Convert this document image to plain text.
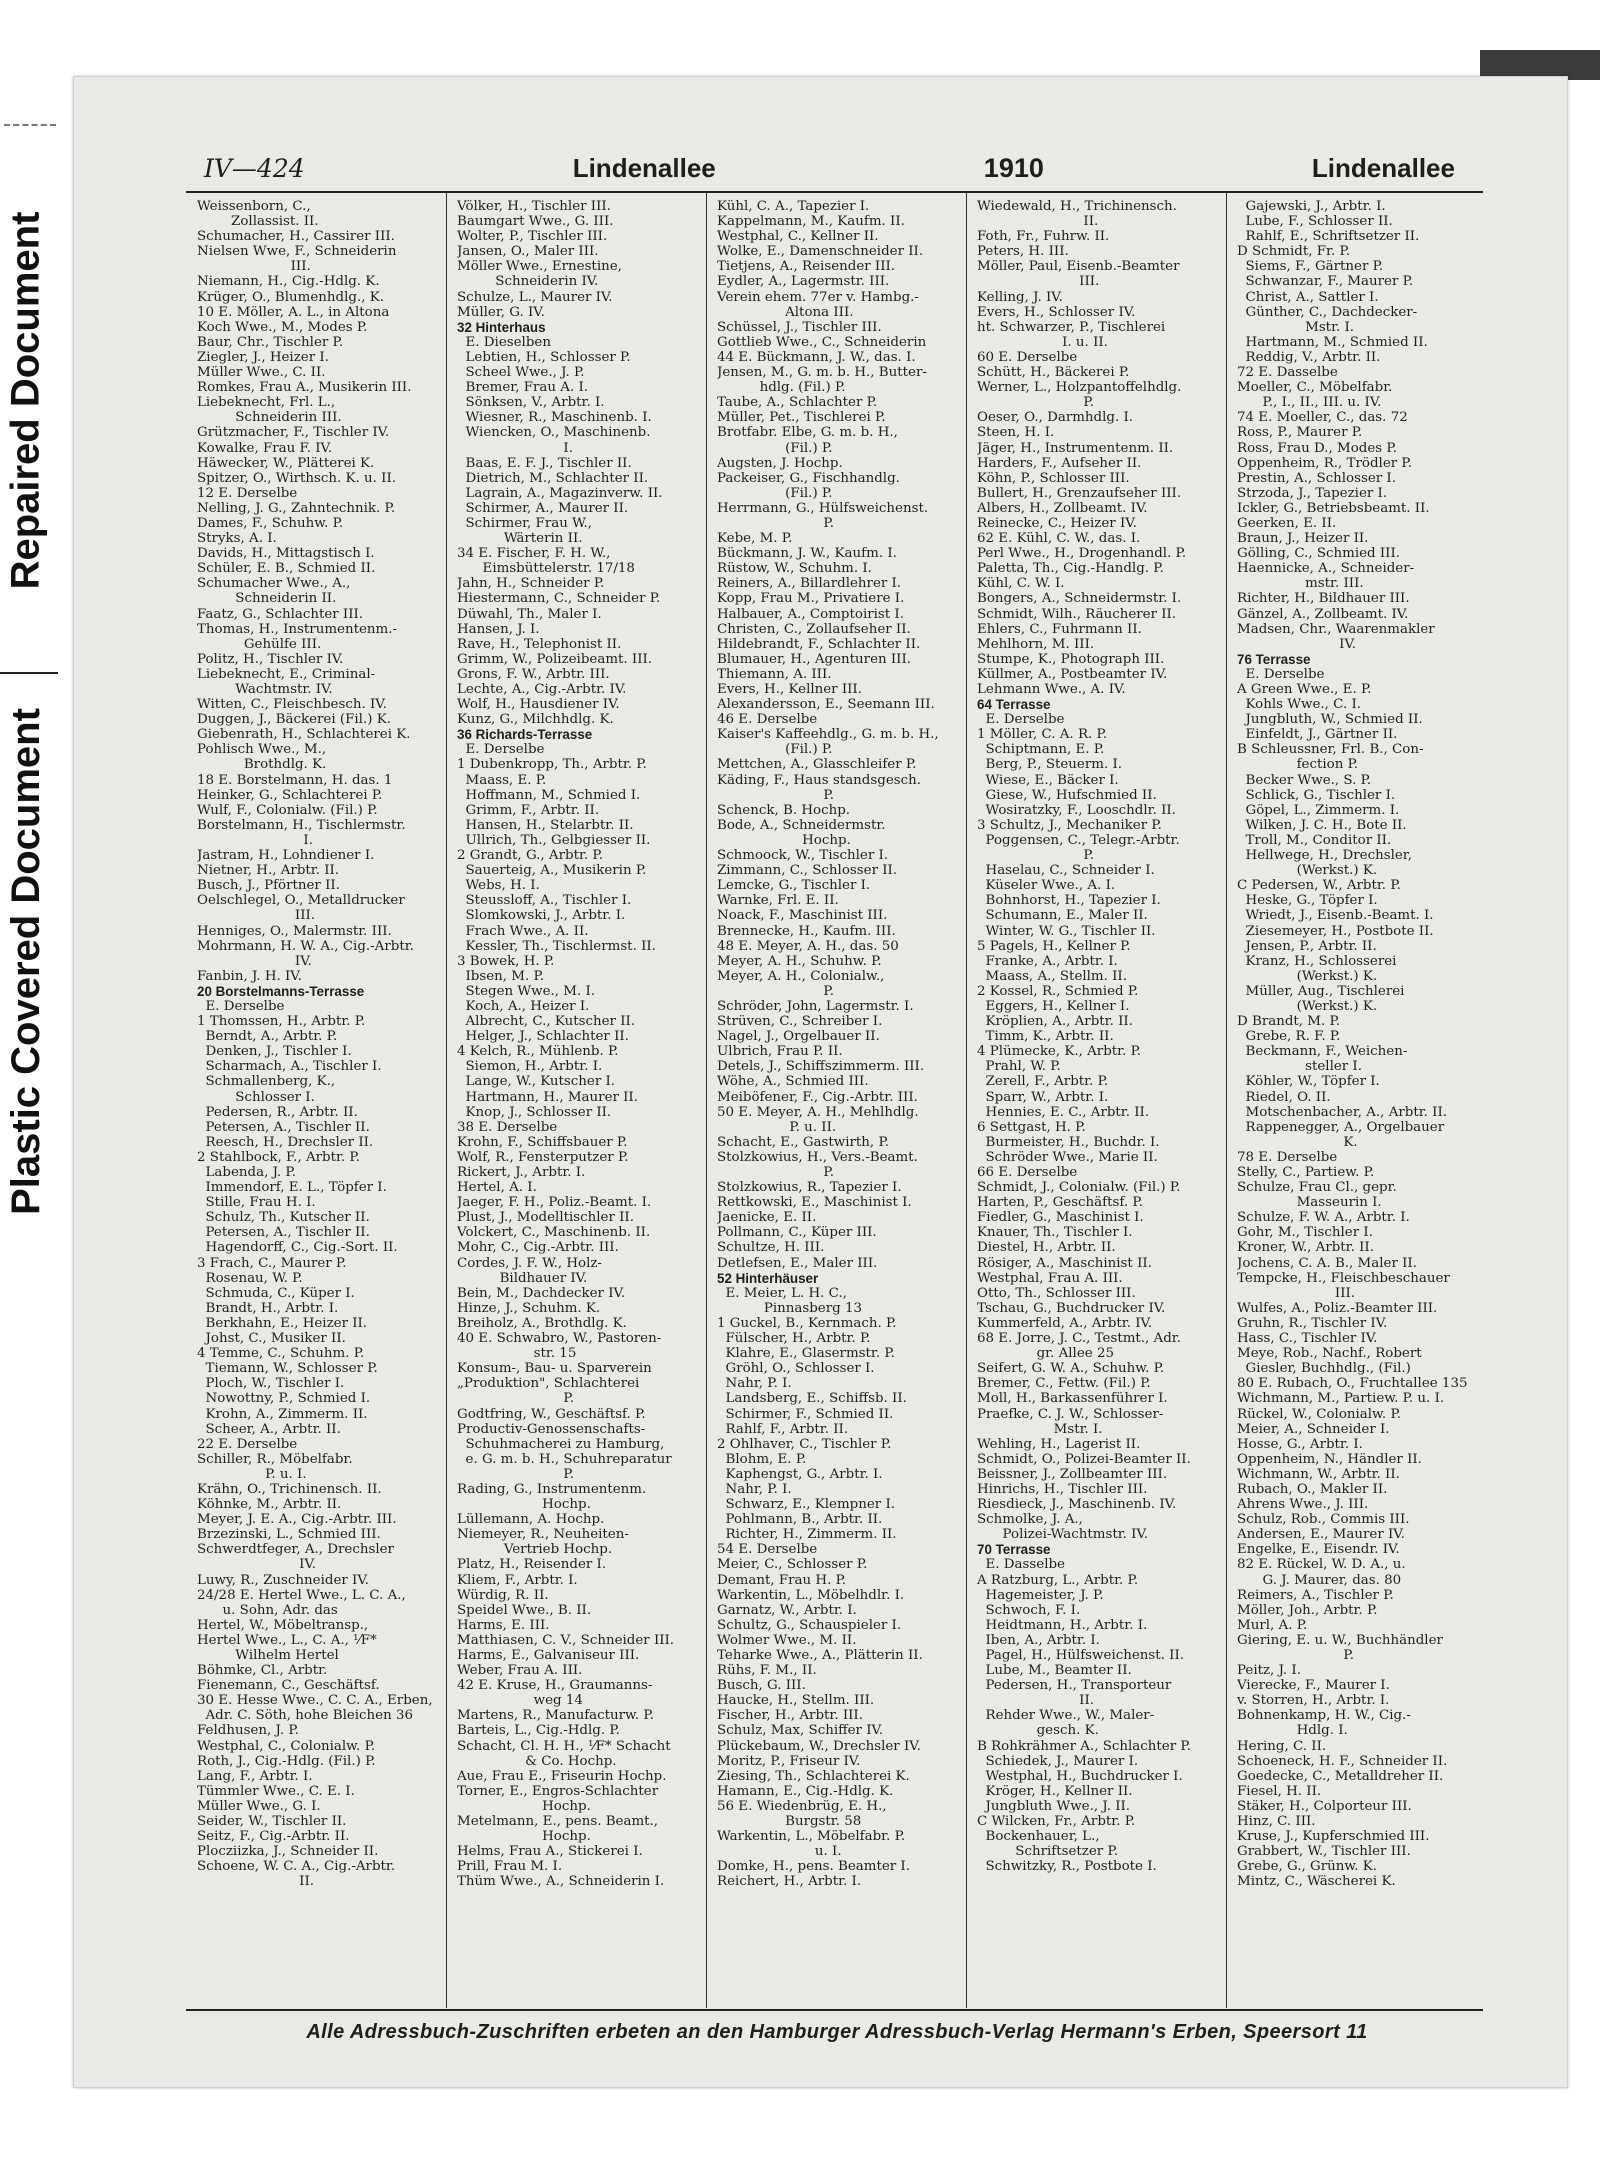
Repaired Document
Plastic Covered Document
IV—424	Lindenallee	1910	Lindenallee
Weissenborn, C.,
Zollassist. II.
Schumacher, H., Cassirer III.
Nielsen Wwe, F., Schneiderin
III.
Niemann, H., Cig.-Hdlg. K.
Krüger, O., Blumenhdlg., K.
10 E. Möller, A. L., in Altona
Koch Wwe., M., Modes P.
Baur, Chr., Tischler P.
Ziegler, J., Heizer I.
Müller Wwe., C. II.
Romkes, Frau A., Musikerin III.
Liebeknecht, Frl. L.,
Schneiderin III.
Grützmacher, F., Tischler IV.
Kowalke, Frau F. IV.
Häwecker, W., Plätterei K.
Spitzer, O., Wirthsch. K. u. II.
12 E. Derselbe
Nelling, J. G., Zahntechnik. P.
Dames, F., Schuhw. P.
Stryks, A. I.
Davids, H., Mittagstisch I.
Schüler, E. B., Schmied II.
Schumacher Wwe., A.,
Schneiderin II.
Faatz, G., Schlachter III.
Thomas, H., Instrumentenm.-
Gehülfe III.
Politz, H., Tischler IV.
Liebeknecht, E., Criminal-
Wachtmstr. IV.
Witten, C., Fleischbesch. IV.
Duggen, J., Bäckerei (Fil.) K.
Giebenrath, H., Schlachterei K.
Pohlisch Wwe., M.,
Brothdlg. K.
18 E. Borstelmann, H. das. 1
Heinker, G., Schlachterei P.
Wulf, F., Colonialw. (Fil.) P.
Borstelmann, H., Tischlermstr.
I.
Jastram, H., Lohndiener I.
Nietner, H., Arbtr. II.
Busch, J., Pförtner II.
Oelschlegel, O., Metalldrucker
III.
Henniges, O., Malermstr. III.
Mohrmann, H. W. A., Cig.-Arbtr.
IV.
Fanbin, J. H. IV.
20 Borstelmanns-Terrasse
E. Derselbe
1 Thomssen, H., Arbtr. P.
Berndt, A., Arbtr. P.
Denken, J., Tischler I.
Scharmach, A., Tischler I.
Schmallenberg, K.,
Schlosser I.
Pedersen, R., Arbtr. II.
Petersen, A., Tischler II.
Reesch, H., Drechsler II.
2 Stahlbock, F., Arbtr. P.
Labenda, J. P.
Immendorf, E. L., Töpfer I.
Stille, Frau H. I.
Schulz, Th., Kutscher II.
Petersen, A., Tischler II.
Hagendorff, C., Cig.-Sort. II.
3 Frach, C., Maurer P.
Rosenau, W. P.
Schmuda, C., Küper I.
Brandt, H., Arbtr. I.
Berkhahn, E., Heizer II.
Johst, C., Musiker II.
4 Temme, C., Schuhm. P.
Tiemann, W., Schlosser P.
Ploch, W., Tischler I.
Nowottny, P., Schmied I.
Krohn, A., Zimmerm. II.
Scheer, A., Arbtr. II.
22 E. Derselbe
Schiller, R., Möbelfabr.
P. u. I.
Krähn, O., Trichinensch. II.
Köhnke, M., Arbtr. II.
Meyer, J. E. A., Cig.-Arbtr. III.
Brzezinski, L., Schmied III.
Schwerdtfeger, A., Drechsler
IV.
Luwy, R., Zuschneider IV.
24/28 E. Hertel Wwe., L. C. A.,
u. Sohn, Adr. das
Hertel, W., Möbeltransp.,
Hertel Wwe., L., C. A., ⅟F*
Wilhelm Hertel
Böhmke, Cl., Arbtr.
Fienemann, C., Geschäftsf.
30 E. Hesse Wwe., C. C. A., Erben,
Adr. C. Söth, hohe Bleichen 36
Feldhusen, J. P.
Westphal, C., Colonialw. P.
Roth, J., Cig.-Hdlg. (Fil.) P.
Lang, F., Arbtr. I.
Tümmler Wwe., C. E. I.
Müller Wwe., G. I.
Seider, W., Tischler II.
Seitz, F., Cig.-Arbtr. II.
Plocziizka, J., Schneider II.
Schoene, W. C. A., Cig.-Arbtr.
II.
Völker, H., Tischler III.
Baumgart Wwe., G. III.
Wolter, P., Tischler III.
Jansen, O., Maler III.
Möller Wwe., Ernestine,
Schneiderin IV.
Schulze, L., Maurer IV.
Müller, G. IV.
32 Hinterhaus
E. Dieselben
Lebtien, H., Schlosser P.
Scheel Wwe., J. P.
Bremer, Frau A. I.
Sönksen, V., Arbtr. I.
Wiesner, R., Maschinenb. I.
Wiencken, O., Maschinenb.
I.
Baas, E. F. J., Tischler II.
Dietrich, M., Schlachter II.
Lagrain, A., Magazinverw. II.
Schirmer, A., Maurer II.
Schirmer, Frau W.,
Wärterin II.
34 E. Fischer, F. H. W.,
Eimsbüttelerstr. 17/18
Jahn, H., Schneider P.
Hiestermann, C., Schneider P.
Düwahl, Th., Maler I.
Hansen, J. I.
Rave, H., Telephonist II.
Grimm, W., Polizeibeamt. III.
Grons, F. W., Arbtr. III.
Lechte, A., Cig.-Arbtr. IV.
Wolf, H., Hausdiener IV.
Kunz, G., Milchhdlg. K.
36 Richards-Terrasse
E. Derselbe
1 Dubenkropp, Th., Arbtr. P.
Maass, E. P.
Hoffmann, M., Schmied I.
Grimm, F., Arbtr. II.
Hansen, H., Stelarbtr. II.
Ullrich, Th., Gelbgiesser II.
2 Grandt, G., Arbtr. P.
Sauerteig, A., Musikerin P.
Webs, H. I.
Steussloff, A., Tischler I.
Slomkowski, J., Arbtr. I.
Frach Wwe., A. II.
Kessler, Th., Tischlermst. II.
3 Bowek, H. P.
Ibsen, M. P.
Stegen Wwe., M. I.
Koch, A., Heizer I.
Albrecht, C., Kutscher II.
Helger, J., Schlachter II.
4 Kelch, R., Mühlenb. P.
Siemon, H., Arbtr. I.
Lange, W., Kutscher I.
Hartmann, H., Maurer II.
Knop, J., Schlosser II.
38 E. Derselbe
Krohn, F., Schiffsbauer P.
Wolf, R., Fensterputzer P.
Rickert, J., Arbtr. I.
Hertel, A. I.
Jaeger, F. H., Poliz.-Beamt. I.
Plust, J., Modelltischler II.
Volckert, C., Maschinenb. II.
Mohr, C., Cig.-Arbtr. III.
Cordes, J. F. W., Holz-
Bildhauer IV.
Bein, M., Dachdecker IV.
Hinze, J., Schuhm. K.
Breiholz, A., Brothdlg. K.
40 E. Schwabro, W., Pastoren-
str. 15
Konsum-, Bau- u. Sparverein
„Produktion", Schlachterei
P.
Godtfring, W., Geschäftsf. P.
Productiv-Genossenschafts-
Schuhmacherei zu Hamburg,
e. G. m. b. H., Schuhreparatur
P.
Rading, G., Instrumentenm.
Hochp.
Lüllemann, A. Hochp.
Niemeyer, R., Neuheiten-
Vertrieb Hochp.
Platz, H., Reisender I.
Kliem, F., Arbtr. I.
Würdig, R. II.
Speidel Wwe., B. II.
Harms, E. III.
Matthiasen, C. V., Schneider III.
Harms, E., Galvaniseur III.
Weber, Frau A. III.
42 E. Kruse, H., Graumanns-
weg 14
Martens, R., Manufacturw. P.
Barteis, L., Cig.-Hdlg. P.
Schacht, Cl. H. H., ⅟F* Schacht
& Co. Hochp.
Aue, Frau E., Friseurin Hochp.
Torner, E., Engros-Schlachter
Hochp.
Metelmann, E., pens. Beamt.,
Hochp.
Helms, Frau A., Stickerei I.
Prill, Frau M. I.
Thüm Wwe., A., Schneiderin I.
Kühl, C. A., Tapezier I.
Kappelmann, M., Kaufm. II.
Westphal, C., Kellner II.
Wolke, E., Damenschneider II.
Tietjens, A., Reisender III.
Eydler, A., Lagermstr. III.
Verein ehem. 77er v. Hambg.-
Altona III.
Schüssel, J., Tischler III.
Gottlieb Wwe., C., Schneiderin
44 E. Bückmann, J. W., das. I.
Jensen, M., G. m. b. H., Butter-
hdlg. (Fil.) P.
Taube, A., Schlachter P.
Müller, Pet., Tischlerei P.
Brotfabr. Elbe, G. m. b. H.,
(Fil.) P.
Augsten, J. Hochp.
Packeiser, G., Fischhandlg.
(Fil.) P.
Herrmann, G., Hülfsweichenst.
P.
Kebe, M. P.
Bückmann, J. W., Kaufm. I.
Rüstow, W., Schuhm. I.
Reiners, A., Billardlehrer I.
Kopp, Frau M., Privatiere I.
Halbauer, A., Comptoirist I.
Christen, C., Zollaufseher II.
Hildebrandt, F., Schlachter II.
Blumauer, H., Agenturen III.
Thiemann, A. III.
Evers, H., Kellner III.
Alexandersson, E., Seemann III.
46 E. Derselbe
Kaiser's Kaffeehdlg., G. m. b. H.,
(Fil.) P.
Mettchen, A., Glasschleifer P.
Käding, F., Haus standsgesch.
P.
Schenck, B. Hochp.
Bode, A., Schneidermstr.
Hochp.
Schmoock, W., Tischler I.
Zimmann, C., Schlosser II.
Lemcke, G., Tischler I.
Warnke, Frl. E. II.
Noack, F., Maschinist III.
Brennecke, H., Kaufm. III.
48 E. Meyer, A. H., das. 50
Meyer, A. H., Schuhw. P.
Meyer, A. H., Colonialw.,
P.
Schröder, John, Lagermstr. I.
Strüven, C., Schreiber I.
Nagel, J., Orgelbauer II.
Ulbrich, Frau P. II.
Detels, J., Schiffszimmerm. III.
Wöhe, A., Schmied III.
Meiböfener, F., Cig.-Arbtr. III.
50 E. Meyer, A. H., Mehlhdlg.
P. u. II.
Schacht, E., Gastwirth, P.
Stolzkowius, H., Vers.-Beamt.
P.
Stolzkowius, R., Tapezier I.
Rettkowski, E., Maschinist I.
Jaenicke, E. II.
Pollmann, C., Küper III.
Schultze, H. III.
Detlefsen, E., Maler III.
52 Hinterhäuser
E. Meier, L. H. C.,
Pinnasberg 13
1 Guckel, B., Kernmach. P.
Fülscher, H., Arbtr. P.
Klahre, E., Glasermstr. P.
Gröhl, O., Schlosser I.
Nahr, P. I.
Landsberg, E., Schiffsb. II.
Schirmer, F., Schmied II.
Rahlf, F., Arbtr. II.
2 Ohlhaver, C., Tischler P.
Blohm, E. P.
Kaphengst, G., Arbtr. I.
Nahr, P. I.
Schwarz, E., Klempner I.
Pohlmann, B., Arbtr. II.
Richter, H., Zimmerm. II.
54 E. Derselbe
Meier, C., Schlosser P.
Demant, Frau H. P.
Warkentin, L., Möbelhdlr. I.
Garnatz, W., Arbtr. I.
Schultz, G., Schauspieler I.
Wolmer Wwe., M. II.
Teharke Wwe., A., Plätterin II.
Rühs, F. M., II.
Busch, G. III.
Haucke, H., Stellm. III.
Fischer, H., Arbtr. III.
Schulz, Max, Schiffer IV.
Plückebaum, W., Drechsler IV.
Moritz, P., Friseur IV.
Ziesing, Th., Schlachterei K.
Hamann, E., Cig.-Hdlg. K.
56 E. Wiedenbrüg, E. H.,
Burgstr. 58
Warkentin, L., Möbelfabr. P.
u. I.
Domke, H., pens. Beamter I.
Reichert, H., Arbtr. I.
Wiedewald, H., Trichinensch.
II.
Foth, Fr., Fuhrw. II.
Peters, H. III.
Möller, Paul, Eisenb.-Beamter
III.
Kelling, J. IV.
Evers, H., Schlosser IV.
ht. Schwarzer, P., Tischlerei
I. u. II.
60 E. Derselbe
Schütt, H., Bäckerei P.
Werner, L., Holzpantoffelhdlg.
P.
Oeser, O., Darmhdlg. I.
Steen, H. I.
Jäger, H., Instrumentenm. II.
Harders, F., Aufseher II.
Köhn, P., Schlosser III.
Bullert, H., Grenzaufseher III.
Albers, H., Zollbeamt. IV.
Reinecke, C., Heizer IV.
62 E. Kühl, C. W., das. I.
Perl Wwe., H., Drogenhandl. P.
Paletta, Th., Cig.-Handlg. P.
Kühl, C. W. I.
Bongers, A., Schneidermstr. I.
Schmidt, Wilh., Räucherer II.
Ehlers, C., Fuhrmann II.
Mehlhorn, M. III.
Stumpe, K., Photograph III.
Küllmer, A., Postbeamter IV.
Lehmann Wwe., A. IV.
64 Terrasse
E. Derselbe
1 Möller, C. A. R. P.
Schiptmann, E. P.
Berg, P., Steuerm. I.
Wiese, E., Bäcker I.
Giese, W., Hufschmied II.
Wosiratzky, F., Looschdlr. II.
3 Schultz, J., Mechaniker P.
Poggensen, C., Telegr.-Arbtr.
P.
Haselau, C., Schneider I.
Küseler Wwe., A. I.
Bohnhorst, H., Tapezier I.
Schumann, E., Maler II.
Winter, W. G., Tischler II.
5 Pagels, H., Kellner P.
Franke, A., Arbtr. I.
Maass, A., Stellm. II.
2 Kossel, R., Schmied P.
Eggers, H., Kellner I.
Kröplien, A., Arbtr. II.
Timm, K., Arbtr. II.
4 Plümecke, K., Arbtr. P.
Prahl, W. P.
Zerell, F., Arbtr. P.
Sparr, W., Arbtr. I.
Hennies, E. C., Arbtr. II.
6 Settgast, H. P.
Burmeister, H., Buchdr. I.
Schröder Wwe., Marie II.
66 E. Derselbe
Schmidt, J., Colonialw. (Fil.) P.
Harten, P., Geschäftsf. P.
Fiedler, G., Maschinist I.
Knauer, Th., Tischler I.
Diestel, H., Arbtr. II.
Rösiger, A., Maschinist II.
Westphal, Frau A. III.
Otto, Th., Schlosser III.
Tschau, G., Buchdrucker IV.
Kummerfeld, A., Arbtr. IV.
68 E. Jorre, J. C., Testmt., Adr.
gr. Allee 25
Seifert, G. W. A., Schuhw. P.
Bremer, C., Fettw. (Fil.) P.
Moll, H., Barkassenführer I.
Praefke, C. J. W., Schlosser-
Mstr. I.
Wehling, H., Lagerist II.
Schmidt, O., Polizei-Beamter II.
Beissner, J., Zollbeamter III.
Hinrichs, H., Tischler III.
Riesdieck, J., Maschinenb. IV.
Schmolke, J. A.,
Polizei-Wachtmstr. IV.
70 Terrasse
E. Dasselbe
A Ratzburg, L., Arbtr. P.
Hagemeister, J. P.
Schwoch, F. I.
Heidtmann, H., Arbtr. I.
Iben, A., Arbtr. I.
Pagel, H., Hülfsweichenst. II.
Lube, M., Beamter II.
Pedersen, H., Transporteur
II.
Rehder Wwe., W., Maler-
gesch. K.
B Rohkrähmer A., Schlachter P.
Schiedek, J., Maurer I.
Westphal, H., Buchdrucker I.
Kröger, H., Kellner II.
Jungbluth Wwe., J. II.
C Wilcken, Fr., Arbtr. P.
Bockenhauer, L.,
Schriftsetzer P.
Schwitzky, R., Postbote I.
Gajewski, J., Arbtr. I.
Lube, F., Schlosser II.
Rahlf, E., Schriftsetzer II.
D Schmidt, Fr. P.
Siems, F., Gärtner P.
Schwanzar, F., Maurer P.
Christ, A., Sattler I.
Günther, C., Dachdecker-
Mstr. I.
Hartmann, M., Schmied II.
Reddig, V., Arbtr. II.
72 E. Dasselbe
Moeller, C., Möbelfabr.
P., I., II., III. u. IV.
74 E. Moeller, C., das. 72
Ross, P., Maurer P.
Ross, Frau D., Modes P.
Oppenheim, R., Trödler P.
Prestin, A., Schlosser I.
Strzoda, J., Tapezier I.
Ickler, G., Betriebsbeamt. II.
Geerken, E. II.
Braun, J., Heizer II.
Gölling, C., Schmied III.
Haennicke, A., Schneider-
mstr. III.
Richter, H., Bildhauer III.
Gänzel, A., Zollbeamt. IV.
Madsen, Chr., Waarenmakler
IV.
76 Terrasse
E. Derselbe
A Green Wwe., E. P.
Kohls Wwe., C. I.
Jungbluth, W., Schmied II.
Einfeldt, J., Gärtner II.
B Schleussner, Frl. B., Con-
fection P.
Becker Wwe., S. P.
Schlick, G., Tischler I.
Göpel, L., Zimmerm. I.
Wilken, J. C. H., Bote II.
Troll, M., Conditor II.
Hellwege, H., Drechsler,
(Werkst.) K.
C Pedersen, W., Arbtr. P.
Heske, G., Töpfer I.
Wriedt, J., Eisenb.-Beamt. I.
Ziesemeyer, H., Postbote II.
Jensen, P., Arbtr. II.
Kranz, H., Schlosserei
(Werkst.) K.
Müller, Aug., Tischlerei
(Werkst.) K.
D Brandt, M. P.
Grebe, R. F. P.
Beckmann, F., Weichen-
steller I.
Köhler, W., Töpfer I.
Riedel, O. II.
Motschenbacher, A., Arbtr. II.
Rappenegger, A., Orgelbauer
K.
78 E. Derselbe
Stelly, C., Partiew. P.
Schulze, Frau Cl., gepr.
Masseurin I.
Schulze, F. W. A., Arbtr. I.
Gohr, M., Tischler I.
Kroner, W., Arbtr. II.
Jochens, C. A. B., Maler II.
Tempcke, H., Fleischbeschauer
III.
Wulfes, A., Poliz.-Beamter III.
Gruhn, R., Tischler IV.
Hass, C., Tischler IV.
Meye, Rob., Nachf., Robert
Giesler, Buchhdlg., (Fil.)
80 E. Rubach, O., Fruchtallee 135
Wichmann, M., Partiew. P. u. I.
Rückel, W., Colonialw. P.
Meier, A., Schneider I.
Hosse, G., Arbtr. I.
Oppenheim, N., Händler II.
Wichmann, W., Arbtr. II.
Rubach, O., Makler II.
Ahrens Wwe., J. III.
Schulz, Rob., Commis III.
Andersen, E., Maurer IV.
Engelke, E., Eisendr. IV.
82 E. Rückel, W. D. A., u.
G. J. Maurer, das. 80
Reimers, A., Tischler P.
Möller, Joh., Arbtr. P.
Murl, A. P.
Giering, E. u. W., Buchhändler
P.
Peitz, J. I.
Vierecke, F., Maurer I.
v. Storren, H., Arbtr. I.
Bohnenkamp, H. W., Cig.-
Hdlg. I.
Hering, C. II.
Schoeneck, H. F., Schneider II.
Goedecke, C., Metalldreher II.
Fiesel, H. II.
Stäker, H., Colporteur III.
Hinz, C. III.
Kruse, J., Kupferschmied III.
Grabbert, W., Tischler III.
Grebe, G., Grünw. K.
Mintz, C., Wäscherei K.
Alle Adressbuch-Zuschriften erbeten an den Hamburger Adressbuch-Verlag Hermann's Erben, Speersort 11
